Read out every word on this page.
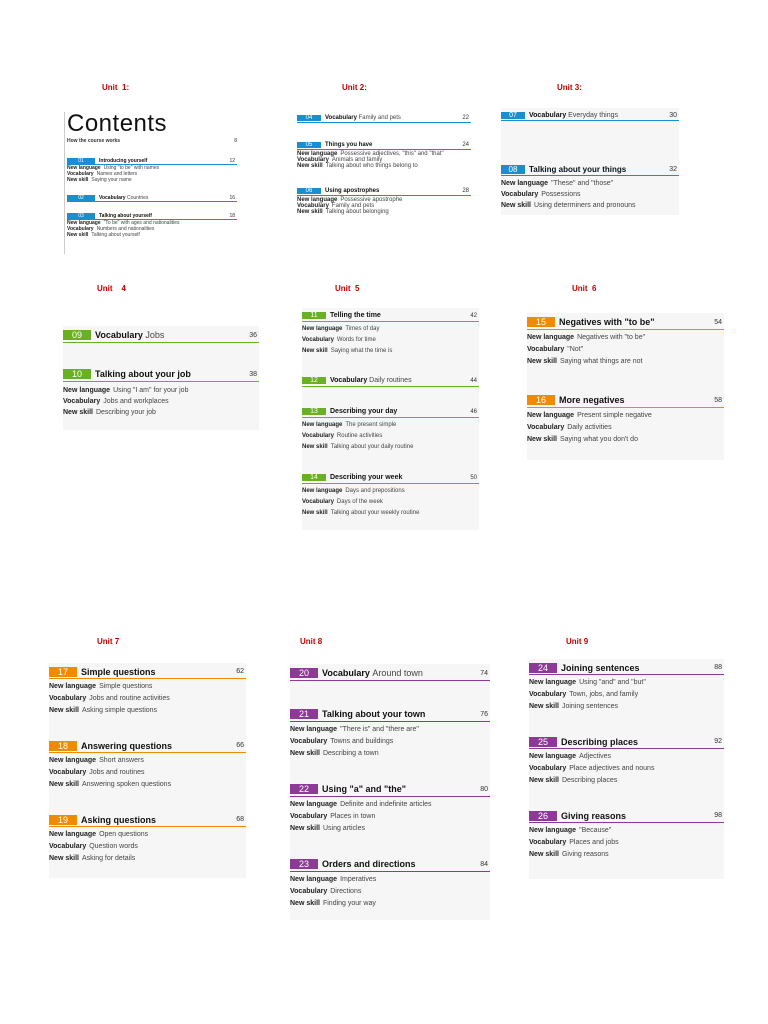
Unit  1:	Unit 2:	Unit 3:
Unit    4	Unit  5	Unit  6
Unit 7	Unit 8	Unit 9
Contents
How the course works	8
01	Introducing yourself	12
New language Using "to be" with names
Vocabulary Names and letters
New skill Saying your name
02	Vocabulary Countries	16
03	Talking about yourself	18
New language "To be" with ages and nationalities
Vocabulary Numbers and nationalities
New skill Talking about yourself
04	Vocabulary Family and pets	22
05	Things you have	24
New language Possessive adjectives, "this" and "that"
Vocabulary Animals and family
New skill Talking about who things belong to
06	Using apostrophes	28
New language Possessive apostrophe
Vocabulary Family and pets
New skill Talking about belonging
07	Vocabulary Everyday things	30
08	Talking about your things	32
New language "These" and "those"
Vocabulary Possessions
New skill Using determiners and pronouns
09	Vocabulary Jobs	36
10	Talking about your job	38
New language Using "I am" for your job
Vocabulary Jobs and workplaces
New skill Describing your job
11	Telling the time	42
New language Times of day
Vocabulary Words for time
New skill Saying what the time is
12	Vocabulary Daily routines	44
13	Describing your day	46
New language The present simple
Vocabulary Routine activities
New skill Talking about your daily routine
14	Describing your week	50
New language Days and prepositions
Vocabulary Days of the week
New skill Talking about your weekly routine
15	Negatives with "to be"	54
New language Negatives with "to be"
Vocabulary "Not"
New skill Saying what things are not
16	More negatives	58
New language Present simple negative
Vocabulary Daily activities
New skill Saying what you don't do
17	Simple questions	62
New language Simple questions
Vocabulary Jobs and routine activities
New skill Asking simple questions
18	Answering questions	66
New language Short answers
Vocabulary Jobs and routines
New skill Answering spoken questions
19	Asking questions	68
New language Open questions
Vocabulary Question words
New skill Asking for details
20	Vocabulary Around town	74
21	Talking about your town	76
New language "There is" and "there are"
Vocabulary Towns and buildings
New skill Describing a town
22	Using "a" and "the"	80
New language Definite and indefinite articles
Vocabulary Places in town
New skill Using articles
23	Orders and directions	84
New language Imperatives
Vocabulary Directions
New skill Finding your way
24	Joining sentences	88
New language Using "and" and "but"
Vocabulary Town, jobs, and family
New skill Joining sentences
25	Describing places	92
New language Adjectives
Vocabulary Place adjectives and nouns
New skill Describing places
26	Giving reasons	98
New language "Because"
Vocabulary Places and jobs
New skill Giving reasons
